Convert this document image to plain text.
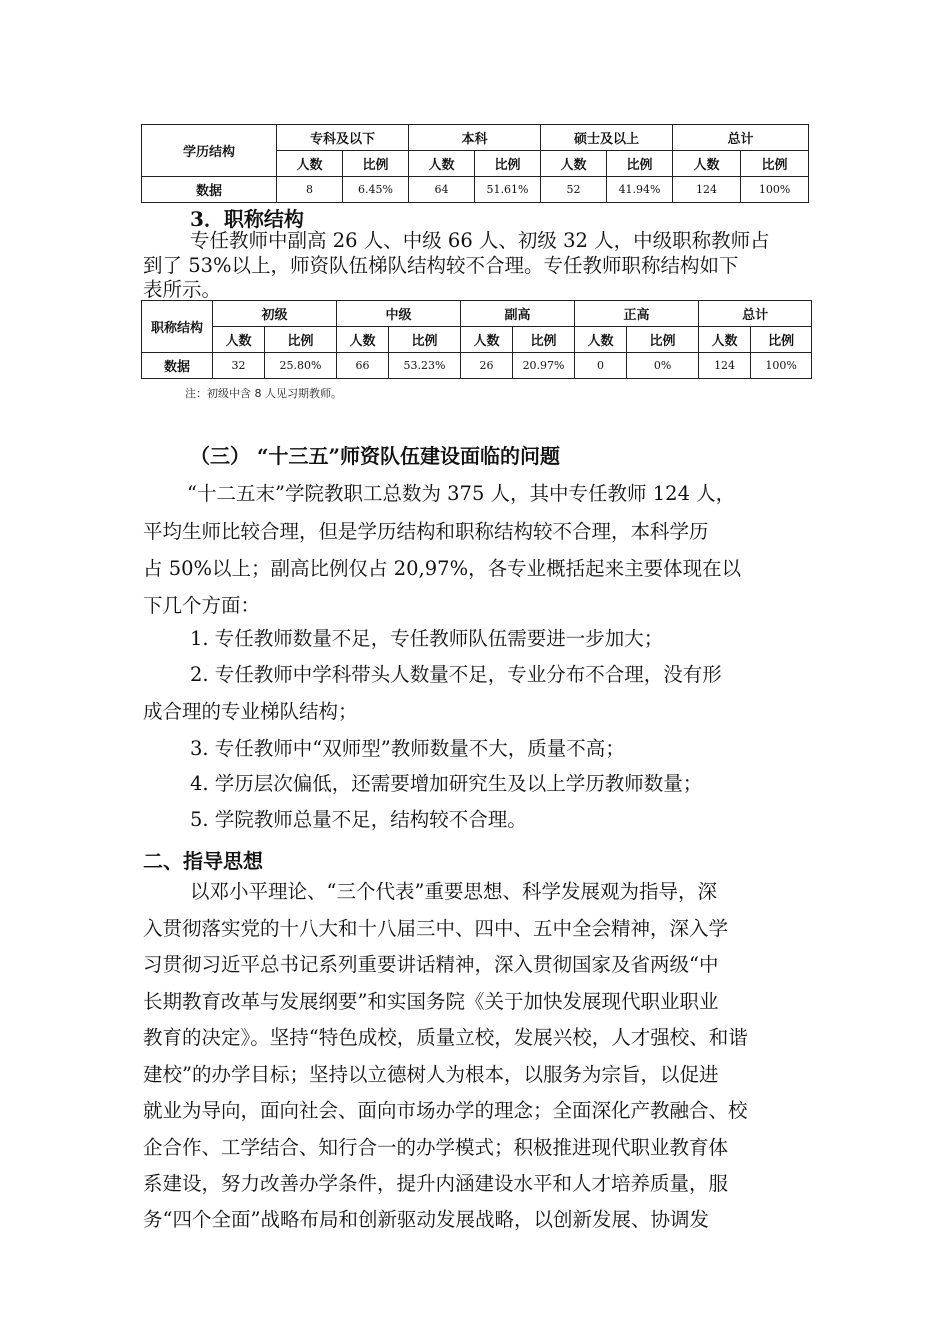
学历结构	专科及以下		本科		硕士及以上		总计	
	人数	比例	人数	比例	人数	比例	人数	比例
数据	8	6.45%	64	51.61%	52	41.94%	124	100%
3．职称结构
专任教师中副高 26 人、中级 66 人、初级 32 人，中级职称教师占
到了 53%以上，师资队伍梯队结构较不合理。专任教师职称结构如下
表所示。
职称结构	初级		中级		副高		正高		总计	
	人数	比例	人数	比例	人数	比例	人数	比例	人数	比例
数据	32	25.80%	66	53.23%	26	20.97%	0	0%	124	100%
注：初级中含 8 人见习期教师。
（三） “十三五”师资队伍建设面临的问题
“十二五末”学院教职工总数为 375 人，其中专任教师 124 人，
平均生师比较合理，但是学历结构和职称结构较不合理，本科学历
占 50%以上；副高比例仅占 20,97%，各专业概括起来主要体现在以
下几个方面：
1. 专任教师数量不足，专任教师队伍需要进一步加大；
2. 专任教师中学科带头人数量不足，专业分布不合理，没有形
成合理的专业梯队结构；
3. 专任教师中“双师型”教师数量不大，质量不高；
4. 学历层次偏低，还需要增加研究生及以上学历教师数量；
5. 学院教师总量不足，结构较不合理。
二、指导思想
以邓小平理论、“三个代表”重要思想、科学发展观为指导，深
入贯彻落实党的十八大和十八届三中、四中、五中全会精神，深入学
习贯彻习近平总书记系列重要讲话精神，深入贯彻国家及省两级“中
长期教育改革与发展纲要”和实国务院《关于加快发展现代职业职业
教育的决定》。坚持“特色成校，质量立校，发展兴校，人才强校、和谐
建校”的办学目标；坚持以立德树人为根本，以服务为宗旨，以促进
就业为导向，面向社会、面向市场办学的理念；全面深化产教融合、校
企合作、工学结合、知行合一的办学模式；积极推进现代职业教育体
系建设，努力改善办学条件，提升内涵建设水平和人才培养质量，服
务“四个全面”战略布局和创新驱动发展战略，以创新发展、协调发
